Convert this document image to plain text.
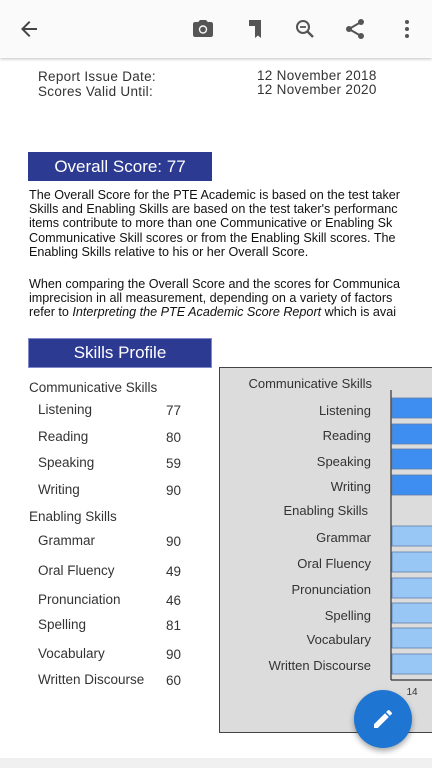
Report Issue Date:	12 November 2018
Scores Valid Until:	12 November 2020
Overall Score: 77
The Overall Score for the PTE Academic is based on the test taker
Skills and Enabling Skills are based on the test taker's performanc
items contribute to more than one Communicative or Enabling Sk
Communicative Skill scores or from the Enabling Skill scores. The
Enabling Skills relative to his or her Overall Score.
When comparing the Overall Score and the scores for Communica
imprecision in all measurement, depending on a variety of factors
refer to Interpreting the PTE Academic Score Report which is avai
Skills Profile
Communicative Skills
Enabling Skills
Listening	77
Reading	80
Speaking	59
Writing	90
Grammar	90
Oral Fluency	49
Pronunciation	46
Spelling	81
Vocabulary	90
Written Discourse 60
14
Communicative Skills
Enabling Skills
Listening
Reading
Speaking
Writing
Grammar
Oral Fluency
Pronunciation
Spelling
Vocabulary
Written Discourse
